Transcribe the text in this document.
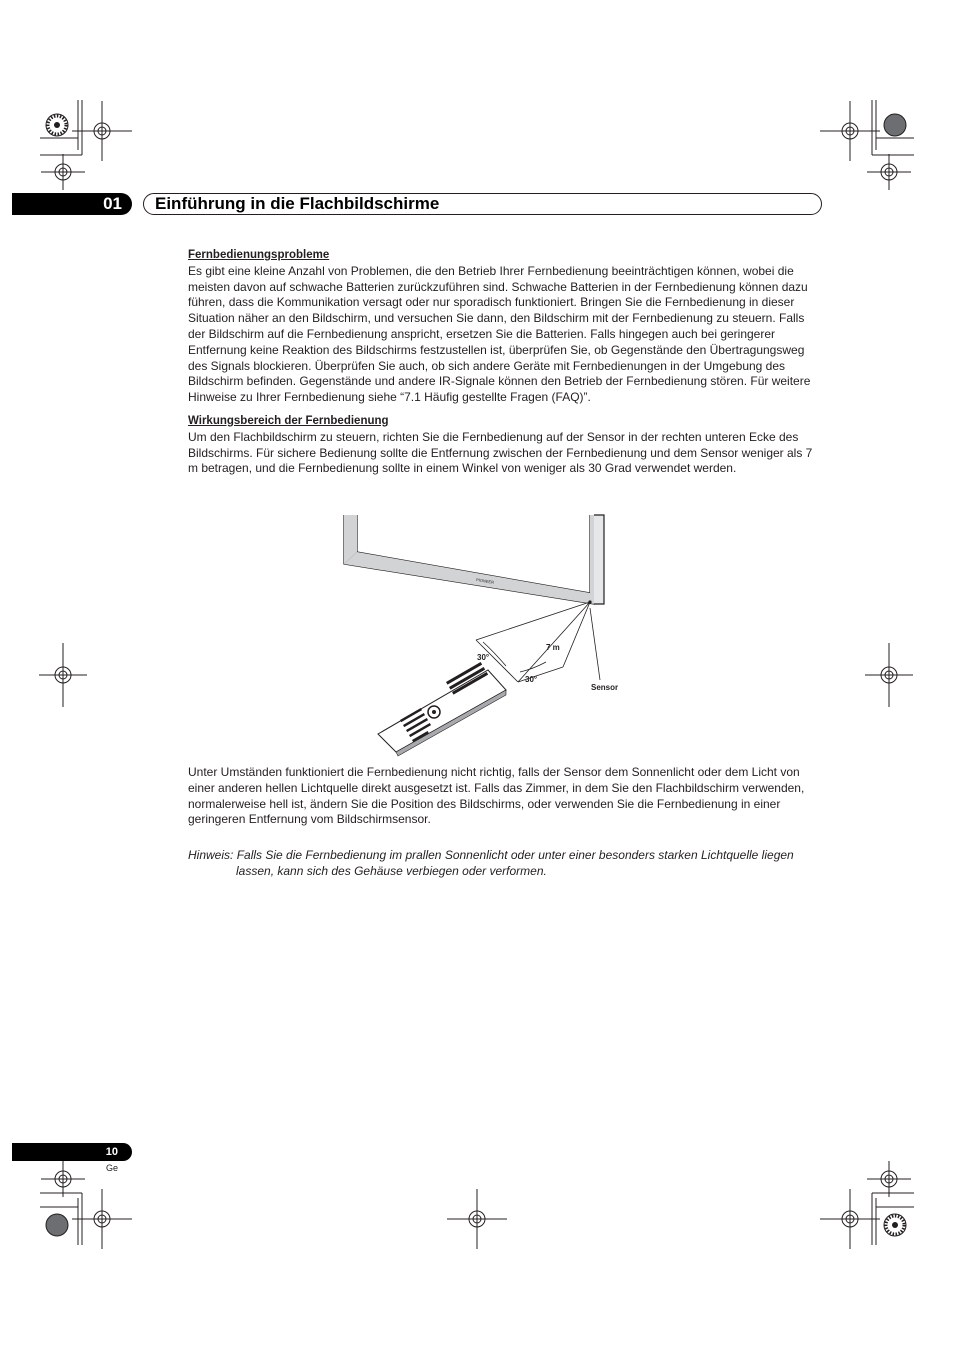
01	Einführung in die Flachbildschirme

Fernbedienungsprobleme

Es gibt eine kleine Anzahl von Problemen, die den Betrieb Ihrer Fernbedienung beeinträchtigen können, wobei die meisten davon auf schwache Batterien zurückzuführen sind. Schwache Batterien in der Fernbedienung können dazu führen, dass die Kommunikation versagt oder nur sporadisch funktioniert. Bringen Sie die Fernbedienung in dieser Situation näher an den Bildschirm, und versuchen Sie dann, den Bildschirm mit der Fernbedienung zu steuern. Falls der Bildschirm auf die Fernbedienung anspricht, ersetzen Sie die Batterien. Falls hingegen auch bei geringerer Entfernung keine Reaktion des Bildschirms festzustellen ist, überprüfen Sie, ob Gegenstände den Übertragungsweg des Signals blockieren. Überprüfen Sie auch, ob sich andere Geräte mit Fernbedienungen in der Umgebung des Bildschirm befinden. Gegenstände und andere IR-Signale können den Betrieb der Fernbedienung stören. Für weitere Hinweise zu Ihrer Fernbedienung siehe “7.1 Häufig gestellte Fragen (FAQ)”.

Wirkungsbereich der Fernbedienung

Um den Flachbildschirm zu steuern, richten Sie die Fernbedienung auf der Sensor in der rechten unteren Ecke des Bildschirms. Für sichere Bedienung sollte die Entfernung zwischen der Fernbedienung und dem Sensor weniger als 7 m betragen, und die Fernbedienung sollte in einem Winkel von weniger als 30 Grad verwendet werden.

PIONEER
30°
30°
7 m
Sensor

Unter Umständen funktioniert die Fernbedienung nicht richtig, falls der Sensor dem Sonnenlicht oder dem Licht von einer anderen hellen Lichtquelle direkt ausgesetzt ist. Falls das Zimmer, in dem Sie den Flachbildschirm verwenden, normalerweise hell ist, ändern Sie die Position des Bildschirms, oder verwenden Sie die Fernbedienung in einer geringeren Entfernung vom Bildschirmsensor.

Hinweis: Falls Sie die Fernbedienung im prallen Sonnenlicht oder unter einer besonders starken Lichtquelle liegen lassen, kann sich des Gehäuse verbiegen oder verformen.

10
Ge
